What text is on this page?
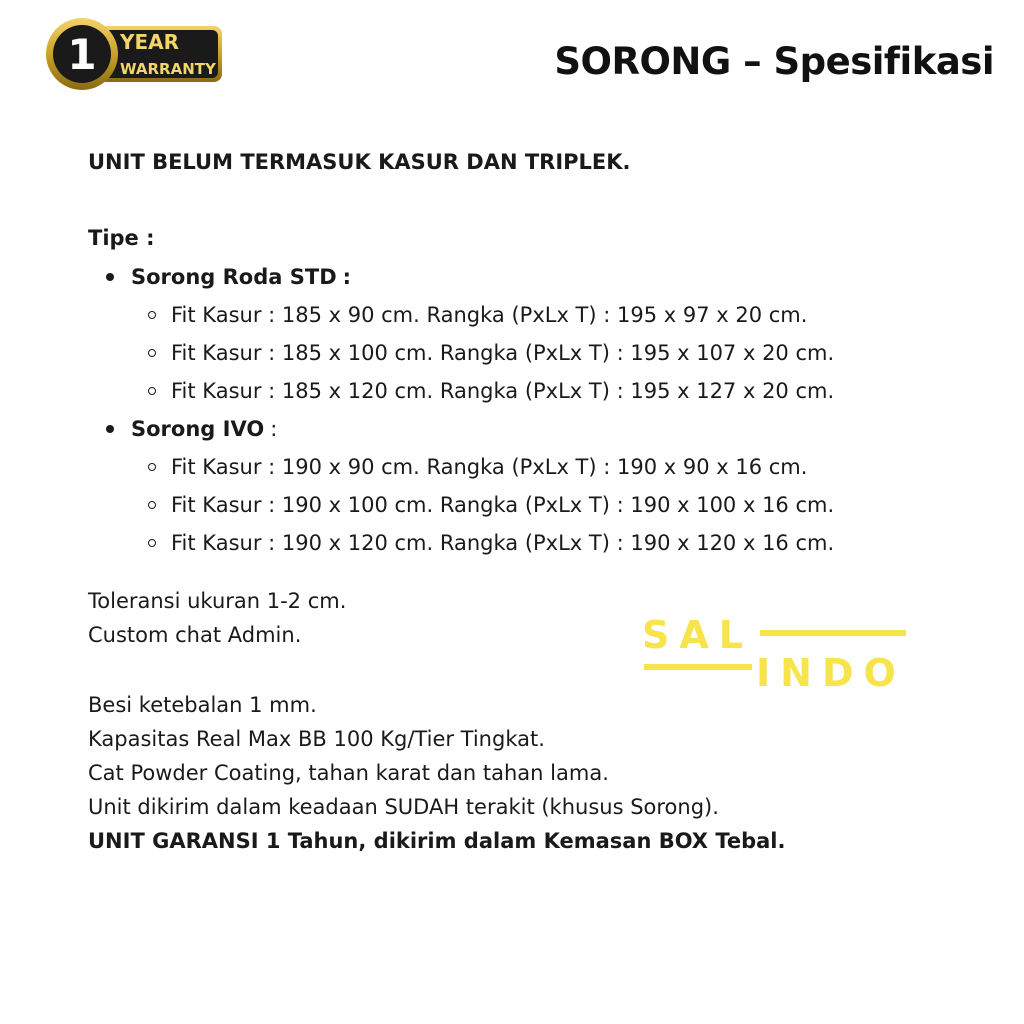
1 YEAR
WARRANTY	SORONG – Spesifikasi
UNIT BELUM TERMASUK KASUR DAN TRIPLEK.
Tipe :
Sorong Roda STD :
Fit Kasur : 185 x 90 cm. Rangka (PxLx T) : 195 x 97 x 20 cm.
Fit Kasur : 185 x 100 cm. Rangka (PxLx T) : 195 x 107 x 20 cm.
Fit Kasur : 185 x 120 cm. Rangka (PxLx T) : 195 x 127 x 20 cm.
Sorong IVO :
Fit Kasur : 190 x 90 cm. Rangka (PxLx T) : 190 x 90 x 16 cm.
Fit Kasur : 190 x 100 cm. Rangka (PxLx T) : 190 x 100 x 16 cm.
Fit Kasur : 190 x 120 cm. Rangka (PxLx T) : 190 x 120 x 16 cm.
Toleransi ukuran 1-2 cm.
Custom chat Admin.	SAL
INDO
Besi ketebalan 1 mm.
Kapasitas Real Max BB 100 Kg/Tier Tingkat.
Cat Powder Coating, tahan karat dan tahan lama.
Unit dikirim dalam keadaan SUDAH terakit (khusus Sorong).
UNIT GARANSI 1 Tahun, dikirim dalam Kemasan BOX Tebal.
